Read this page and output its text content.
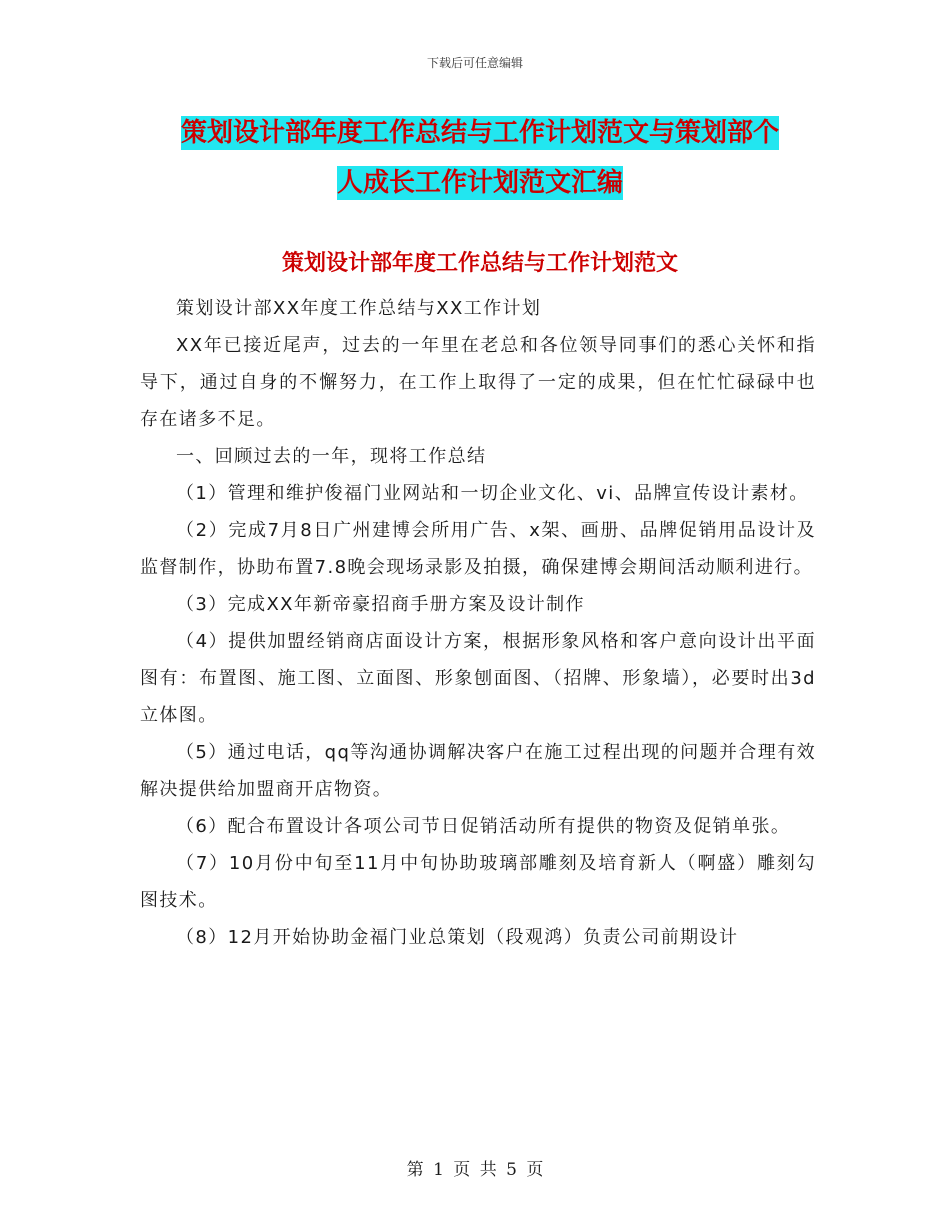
下载后可任意编辑
策划设计部年度工作总结与工作计划范文与策划部个
人成长工作计划范文汇编
策划设计部年度工作总结与工作计划范文

策划设计部XX年度工作总结与XX工作计划

XX年已接近尾声，过去的一年里在老总和各位领导同事们的悉心关怀和指导下，通过自身的不懈努力，在工作上取得了一定的成果，但在忙忙碌碌中也存在诸多不足。

一、回顾过去的一年，现将工作总结

（1）管理和维护俊福门业网站和一切企业文化、vi、品牌宣传设计素材。

（2）完成7月8日广州建博会所用广告、x架、画册、品牌促销用品设计及监督制作，协助布置7.8晚会现场录影及拍摄，确保建博会期间活动顺利进行。

（3）完成XX年新帝豪招商手册方案及设计制作

（4）提供加盟经销商店面设计方案，根据形象风格和客户意向设计出平面图有：布置图、施工图、立面图、形象刨面图、（招牌、形象墙），必要时出3d立体图。

（5）通过电话，qq等沟通协调解决客户在施工过程出现的问题并合理有效解决提供给加盟商开店物资。

（6）配合布置设计各项公司节日促销活动所有提供的物资及促销单张。

（7）10月份中旬至11月中旬协助玻璃部雕刻及培育新人（啊盛）雕刻勾图技术。

（8）12月开始协助金福门业总策划（段观鸿）负责公司前期设计

第 1 页 共 5 页
